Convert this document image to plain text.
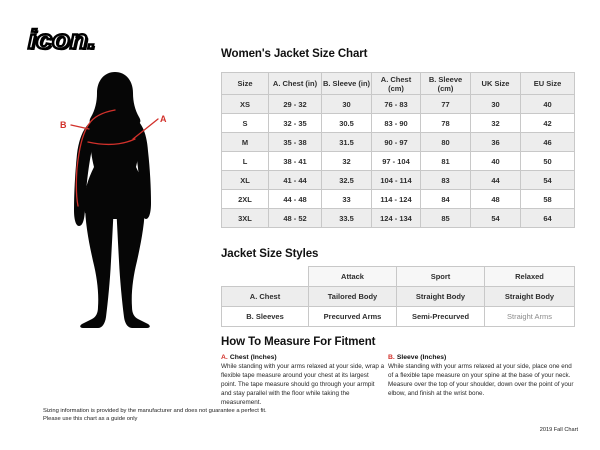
icon.
A
B
Women's Jacket Size Chart
Size	A. Chest (in)	B. Sleeve (in)	A. Chest (cm)	B. Sleeve (cm)	UK Size	EU Size
XS	29 - 32	30	76 - 83	77	30	40
S	32 - 35	30.5	83 - 90	78	32	42
M	35 - 38	31.5	90 - 97	80	36	46
L	38 - 41	32	97 - 104	81	40	50
XL	41 - 44	32.5	104 - 114	83	44	54
2XL	44 - 48	33	114 - 124	84	48	58
3XL	48 - 52	33.5	124 - 134	85	54	64
Jacket Size Styles
	Attack	Sport	Relaxed
A. Chest	Tailored Body	Straight Body	Straight Body
B. Sleeves	Precurved Arms	Semi-Precurved	Straight Arms
How To Measure For Fitment
A. Chest (Inches)

While standing with your arms relaxed at your side, wrap a flexible tape measure around your chest at its largest point. The tape measure should go through your armpit and stay parallel with the floor while taking the measurement.

B. Sleeve (Inches)

While standing with your arms relaxed at your side, place one end of a flexible tape measure on your spine at the base of your neck. Measure over the top of your shoulder, down over the point of your elbow, and finish at the wrist bone.

Sizing information is provided by the manufacturer and does not guarantee a perfect fit.
Please use this chart as a guide only
2019 Fall Chart
